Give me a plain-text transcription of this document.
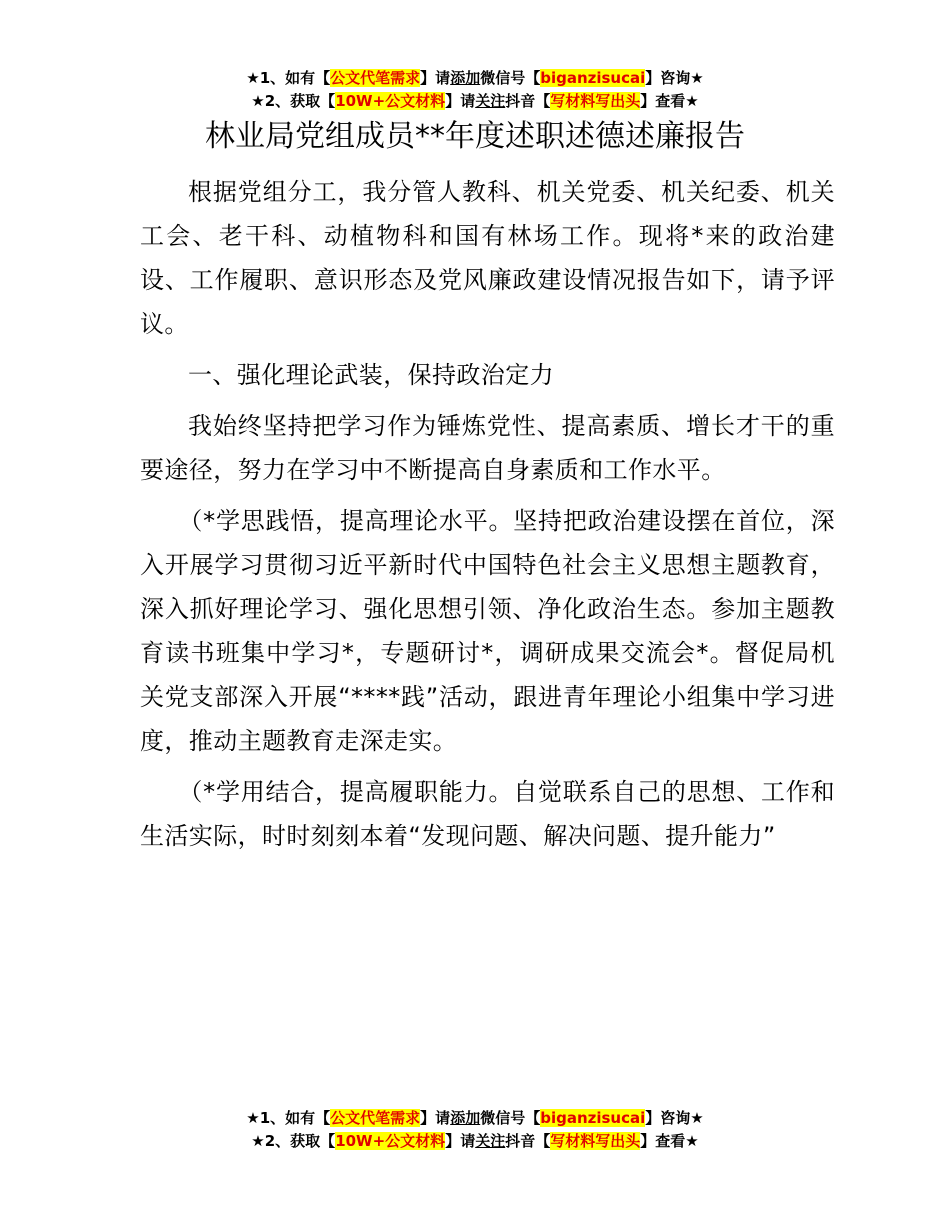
★1、如有【公文代笔需求】请添加微信号【biganzisucai】咨询★
★2、获取【10W+公文材料】请关注抖音【写材料写出头】查看★
林业局党组成员**年度述职述德述廉报告

根据党组分工，我分管人教科、机关党委、机关纪委、机关工会、老干科、动植物科和国有林场工作。现将*来的政治建设、工作履职、意识形态及党风廉政建设情况报告如下，请予评议。

一、强化理论武装，保持政治定力

我始终坚持把学习作为锤炼党性、提高素质、增长才干的重要途径，努力在学习中不断提高自身素质和工作水平。

（*学思践悟，提高理论水平。坚持把政治建设摆在首位，深入开展学习贯彻习近平新时代中国特色社会主义思想主题教育，深入抓好理论学习、强化思想引领、净化政治生态。参加主题教育读书班集中学习*，专题研讨*，调研成果交流会*。督促局机关党支部深入开展“****践”活动，跟进青年理论小组集中学习进度，推动主题教育走深走实。

（*学用结合，提高履职能力。自觉联系自己的思想、工作和生活实际，时时刻刻本着“发现问题、解决问题、提升能力”

★1、如有【公文代笔需求】请添加微信号【biganzisucai】咨询★
★2、获取【10W+公文材料】请关注抖音【写材料写出头】查看★
